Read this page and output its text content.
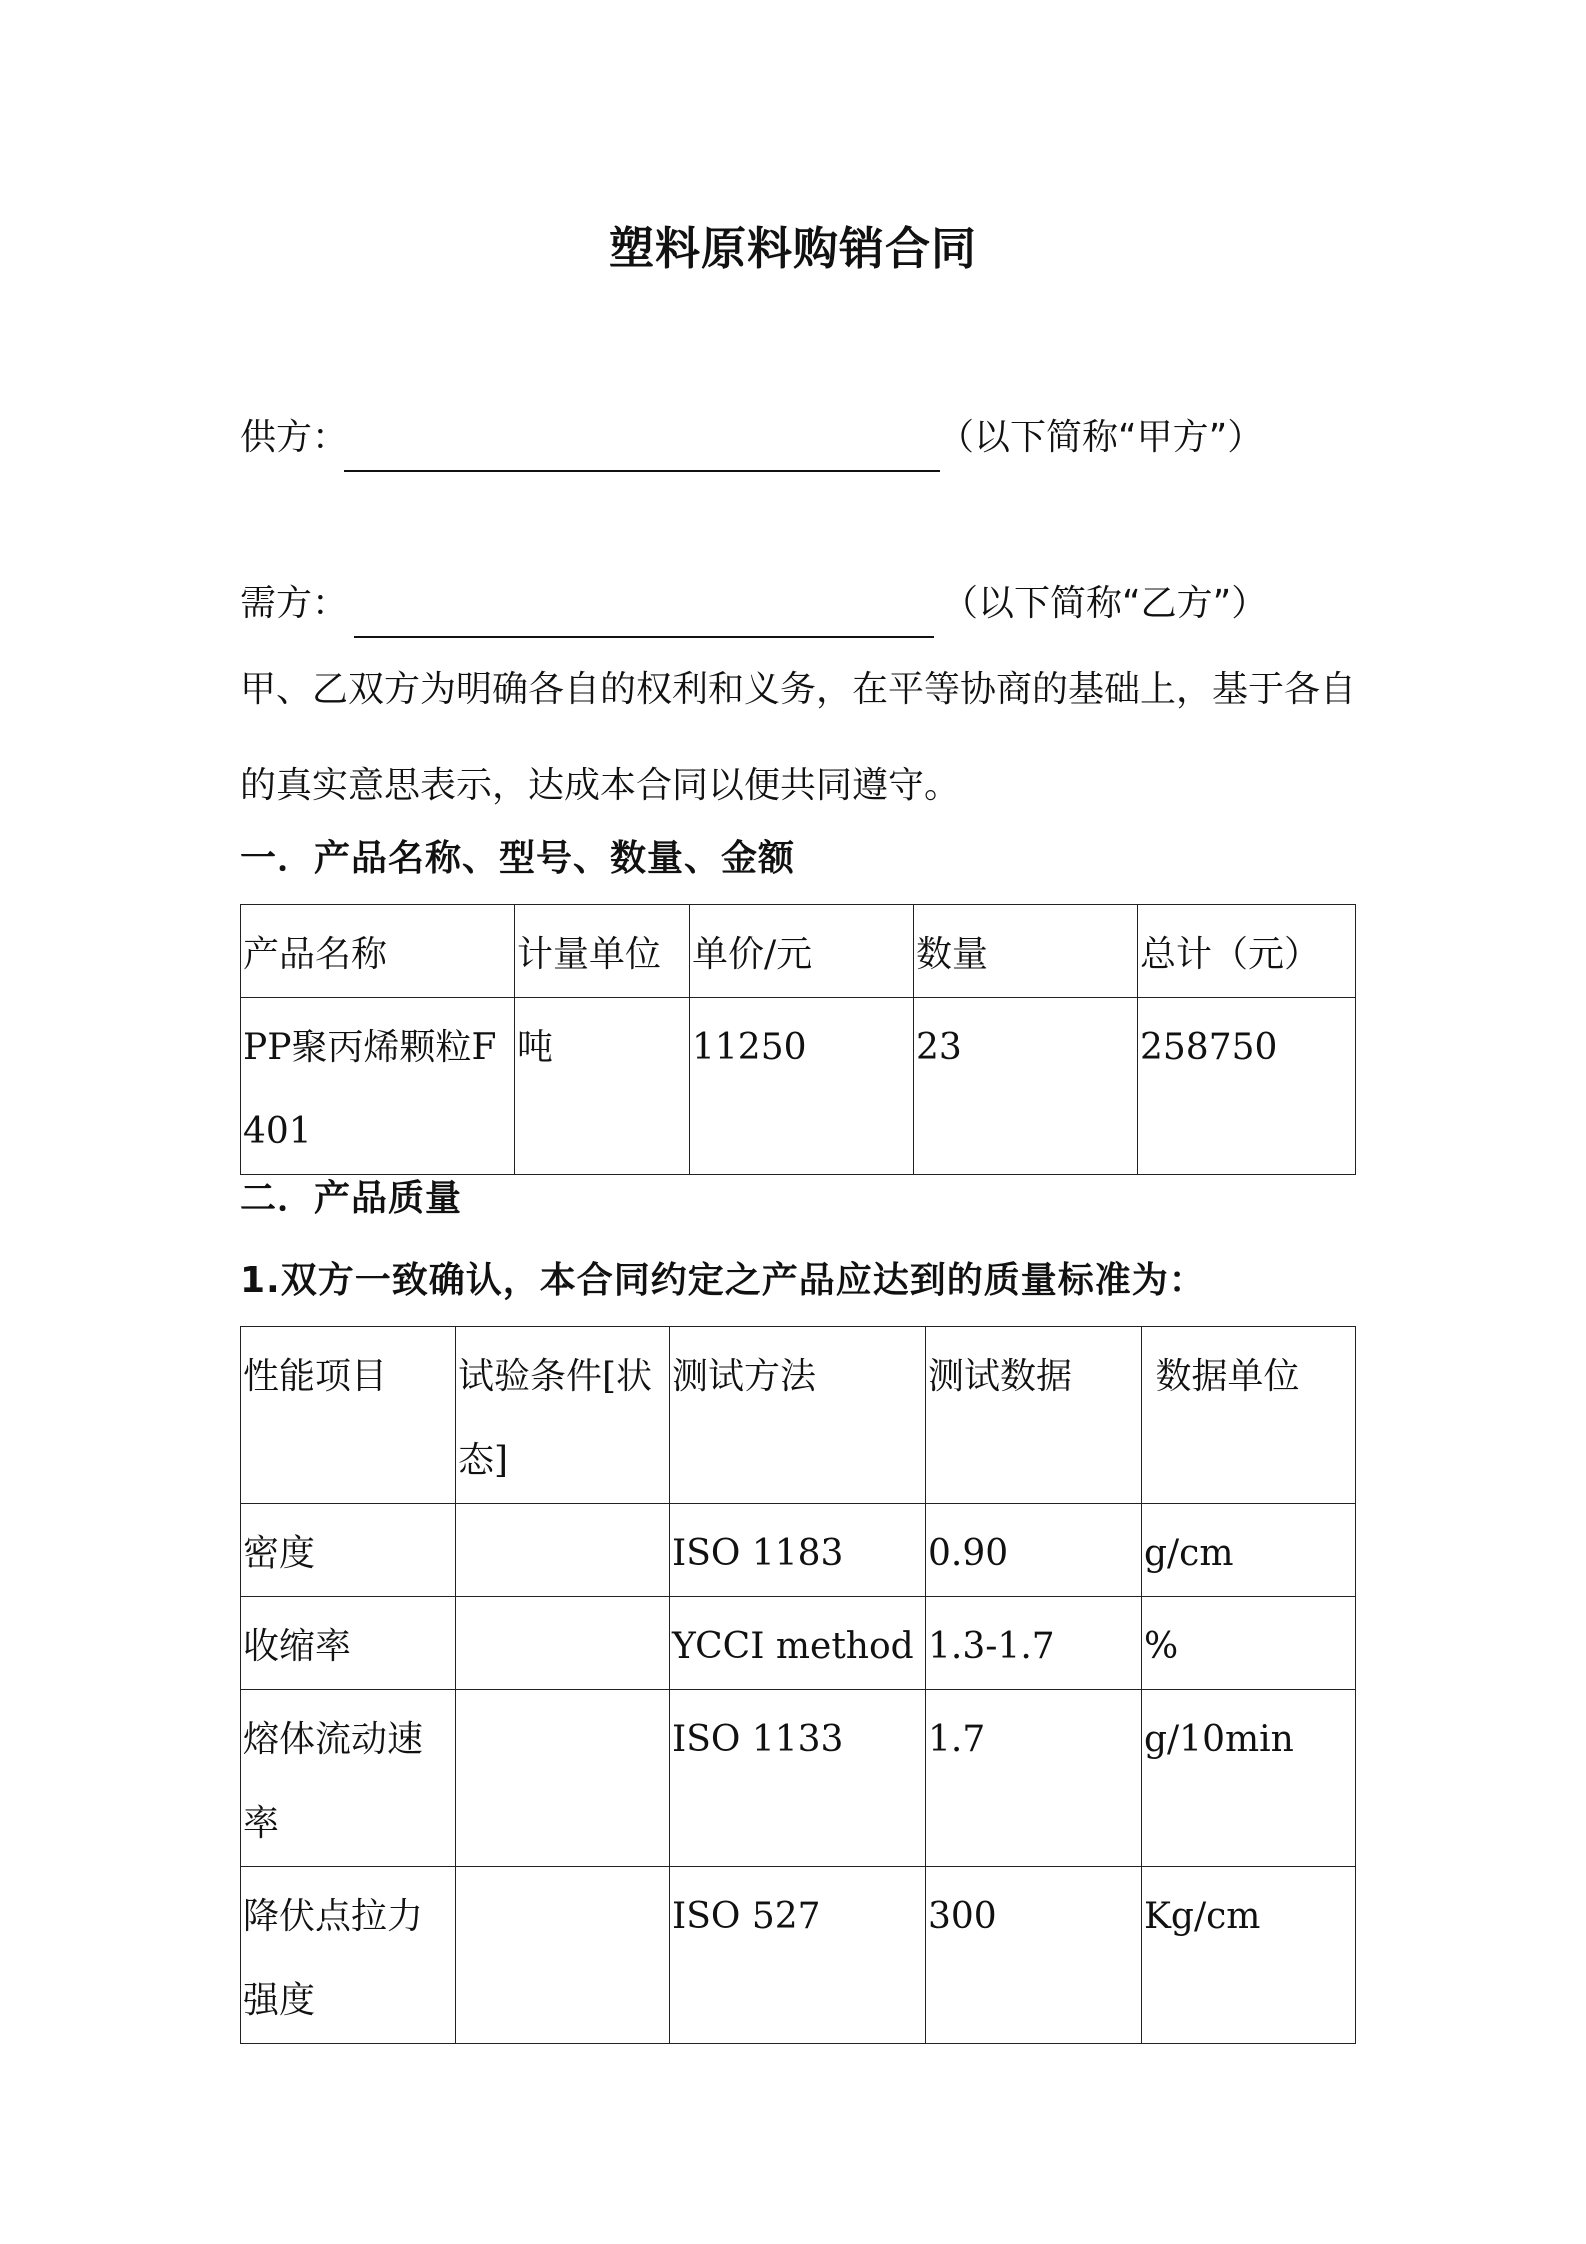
塑料原料购销合同
供方：	（以下简称“甲方”）
需方：	（以下简称“乙方”）

甲、乙双方为明确各自的权利和义务，在平等协商的基础上，基于各自的真实意思表示，达成本合同以便共同遵守。

一．产品名称、型号、数量、金额
产品名称	计量单位	单价/元	数量	总计（元）

PP聚丙烯颗粒F401	吨	11250	23	258750
二．产品质量
1.双方一致确认，本合同约定之产品应达到的质量标准为：
性能项目	试验条件[状态]	测试方法	测试数据	数据单位
密度		ISO 1183	0.90	g/cm
收缩率		YCCI method	1.3-1.7	%

熔体流动速率		ISO 1133	1.7	g/10min

降伏点拉力强度		ISO 527	300	Kg/cm
